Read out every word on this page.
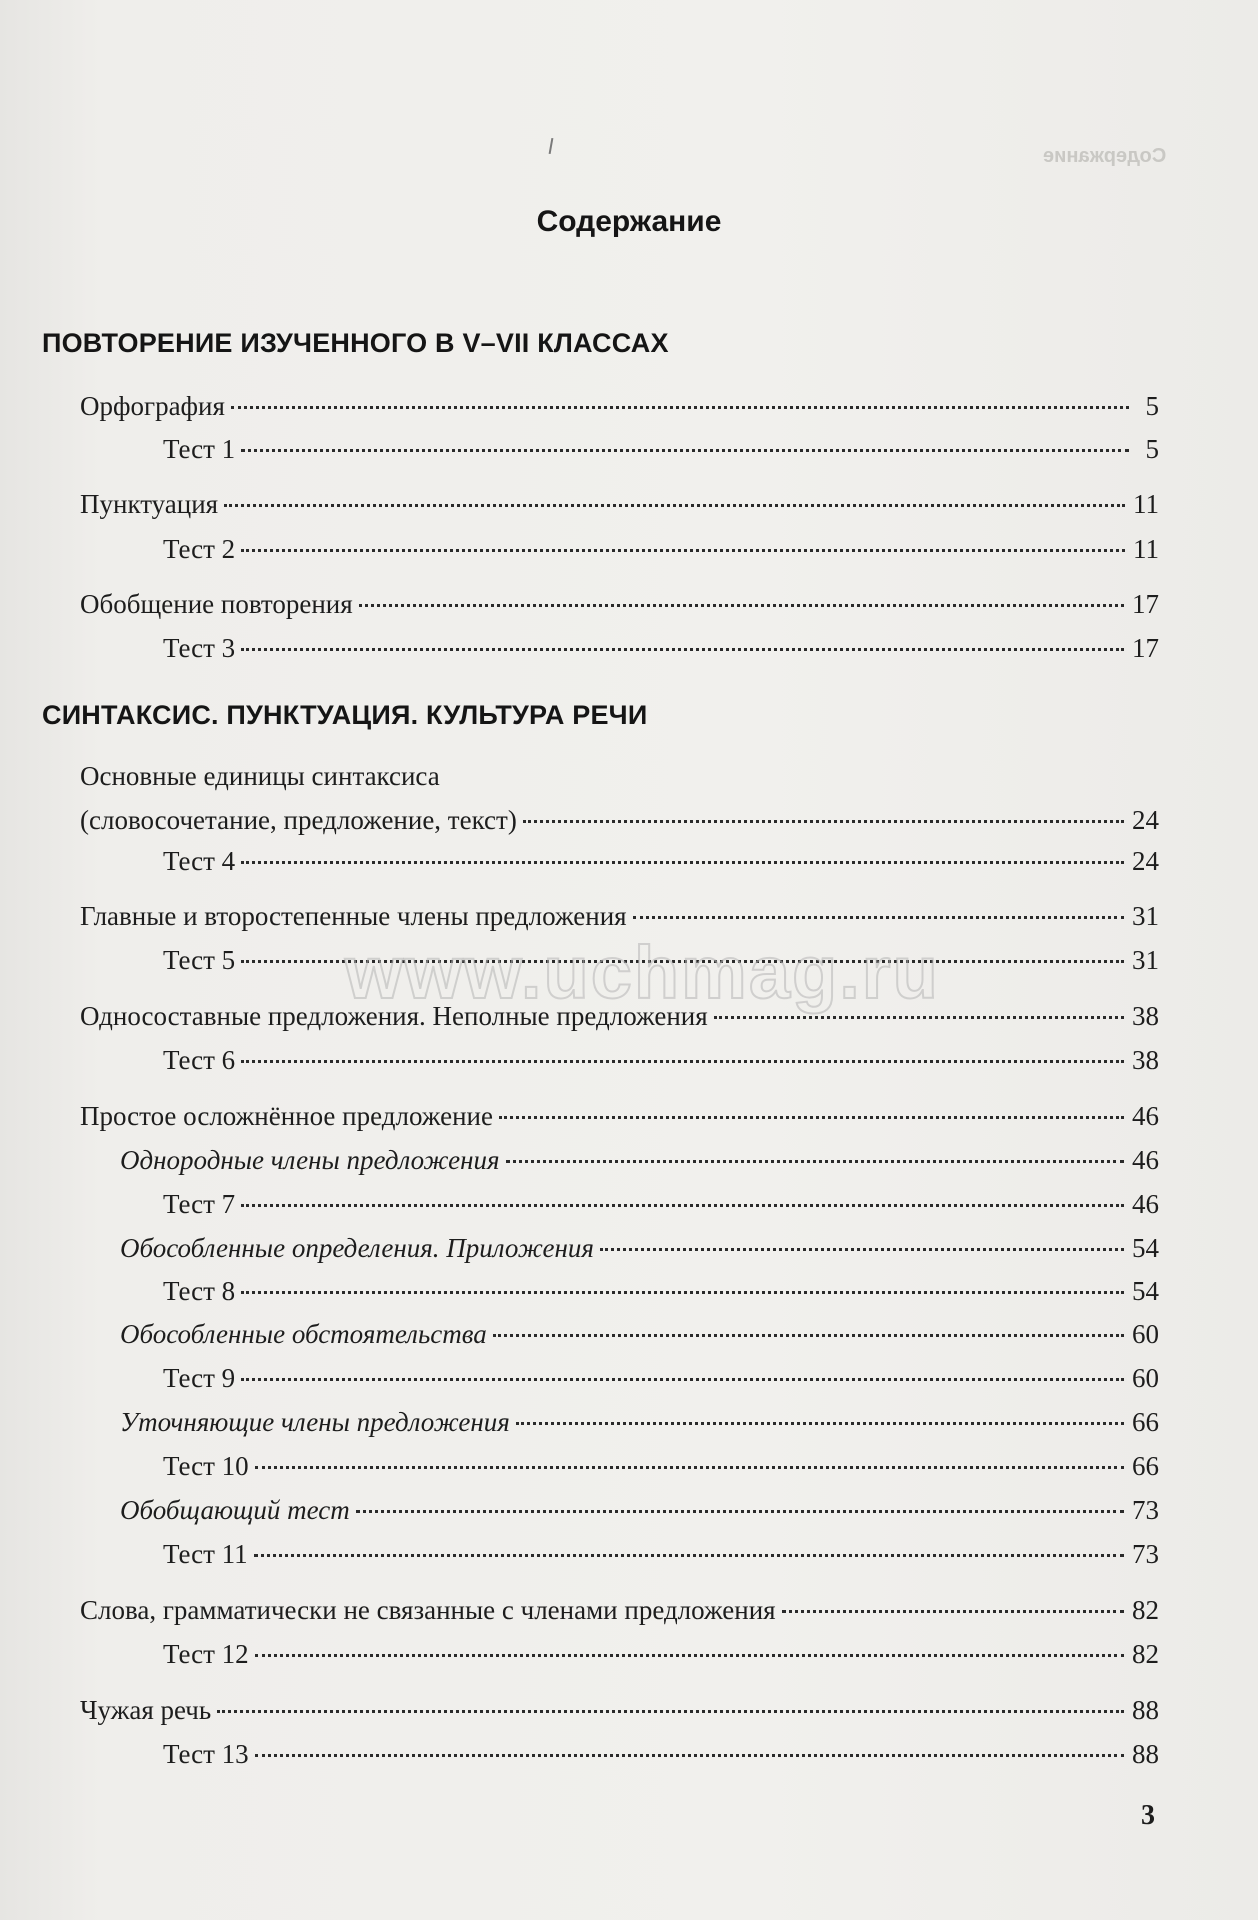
Содержание
Содержание
ПОВТОРЕНИЕ ИЗУЧЕННОГО В V–VII КЛАССАХ
Орфография	5
Тест 1	5
Пунктуация	11
Тест 2	11
Обобщение повторения	17
Тест 3	17
СИНТАКСИС. ПУНКТУАЦИЯ. КУЛЬТУРА РЕЧИ
Основные единицы синтаксиса
(словосочетание, предложение, текст)	24
Тест 4	24
Главные и второстепенные члены предложения	31
Тест 5	31
Односоставные предложения. Неполные предложения	38
Тест 6	38
Простое осложнённое предложение	46
Однородные члены предложения	46
Тест 7	46
Обособленные определения. Приложения	54
Тест 8	54
Обособленные обстоятельства	60
Тест 9	60
Уточняющие члены предложения	66
Тест 10	66
Обобщающий тест	73
Тест 11	73
Слова, грамматически не связанные с членами предложения	82
Тест 12	82
Чужая речь	88
Тест 13	88
www.uchmag.ru
3
